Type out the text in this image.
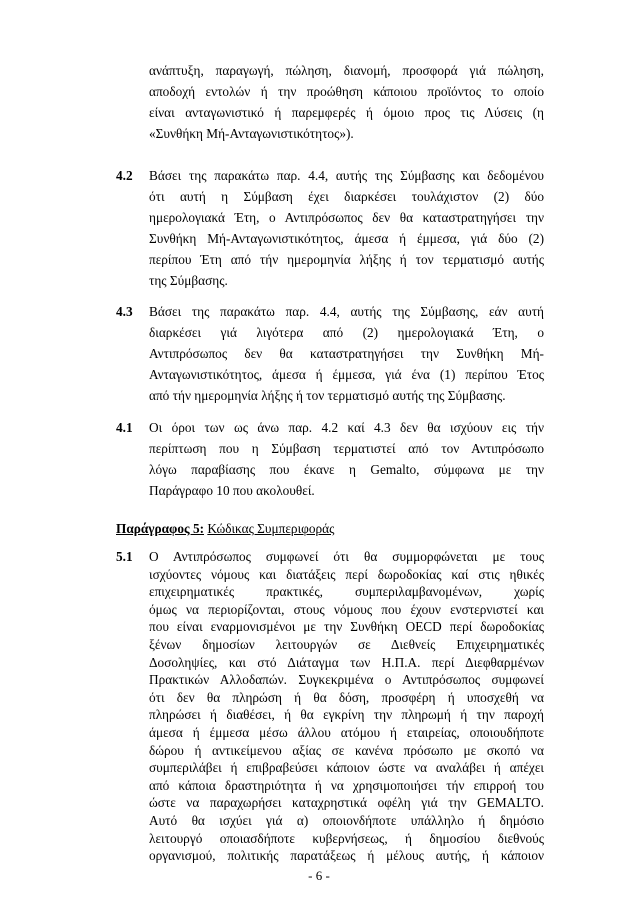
ανάπτυξη, παραγωγή, πώληση, διανομή, προσφορά γιά πώληση,
αποδοχή εντολών ή την προώθηση κάποιου προϊόντος το οποίο
είναι ανταγωνιστικό ή παρεμφερές ή όμοιο προς τις Λύσεις (η
«Συνθήκη Μή-Ανταγωνιστικότητος»).
4.2 Βάσει της παρακάτω παρ. 4.4, αυτής της Σύμβασης και δεδομένου
ότι αυτή η Σύμβαση έχει διαρκέσει τουλάχιστον (2) δύο
ημερολογιακά Έτη, ο Αντιπρόσωπος δεν θα καταστρατηγήσει την
Συνθήκη Μή-Ανταγωνιστικότητος, άμεσα ή έμμεσα, γιά δύο (2)
περίπου Έτη από τήν ημερομηνία λήξης ή τον τερματισμό αυτής
της Σύμβασης.
4.3 Βάσει της παρακάτω παρ. 4.4, αυτής της Σύμβασης, εάν αυτή
διαρκέσει γιά λιγότερα από (2) ημερολογιακά Έτη, ο
Αντιπρόσωπος δεν θα καταστρατηγήσει την Συνθήκη Μή-
Ανταγωνιστικότητος, άμεσα ή έμμεσα, γιά ένα (1) περίπου Έτος
από τήν ημερομηνία λήξης ή τον τερματισμό αυτής της Σύμβασης.
4.1 Οι όροι των ως άνω παρ. 4.2 καί 4.3 δεν θα ισχύουν εις τήν
περίπτωση που η Σύμβαση τερματιστεί από τον Αντιπρόσωπο
λόγω παραβίασης που έκανε η Gemalto, σύμφωνα με την
Παράγραφο 10 που ακολουθεί.
Παράγραφος 5: Κώδικας Συμπεριφοράς
5.1 Ο Αντιπρόσωπος συμφωνεί ότι θα συμμορφώνεται με τους
ισχύοντες νόμους και διατάξεις περί δωροδοκίας καί στις ηθικές
επιχειρηματικές πρακτικές, συμπεριλαμβανομένων, χωρίς
όμως να περιορίζονται, στους νόμους που έχουν ενστερνιστεί και
που είναι εναρμονισμένοι με την Συνθήκη OECD περί δωροδοκίας
ξένων δημοσίων λειτουργών σε Διεθνείς Επιχειρηματικές
Δοσοληψίες, και στό Διάταγμα των Η.Π.Α. περί Διεφθαρμένων
Πρακτικών Αλλοδαπών. Συγκεκριμένα ο Αντιπρόσωπος συμφωνεί
ότι δεν θα πληρώση ή θα δόση, προσφέρη ή υποσχεθή να
πληρώσει ή διαθέσει, ή θα εγκρίνη την πληρωμή ή την παροχή
άμεσα ή έμμεσα μέσω άλλου ατόμου ή εταιρείας, οποιουδήποτε
δώρου ή αντικείμενου αξίας σε κανένα πρόσωπο με σκοπό να
συμπεριλάβει ή επιβραβεύσει κάποιον ώστε να αναλάβει ή απέχει
από κάποια δραστηριότητα ή να χρησιμοποιήσει τήν επιρροή του
ώστε να παραχωρήσει καταχρηστικά οφέλη γιά την GEMALTO.
Αυτό θα ισχύει γιά α) οποιονδήποτε υπάλληλο ή δημόσιο
λειτουργό οποιασδήποτε κυβερνήσεως, ή δημοσίου διεθνούς
οργανισμού, πολιτικής παρατάξεως ή μέλους αυτής, ή κάποιον
- 6 -
